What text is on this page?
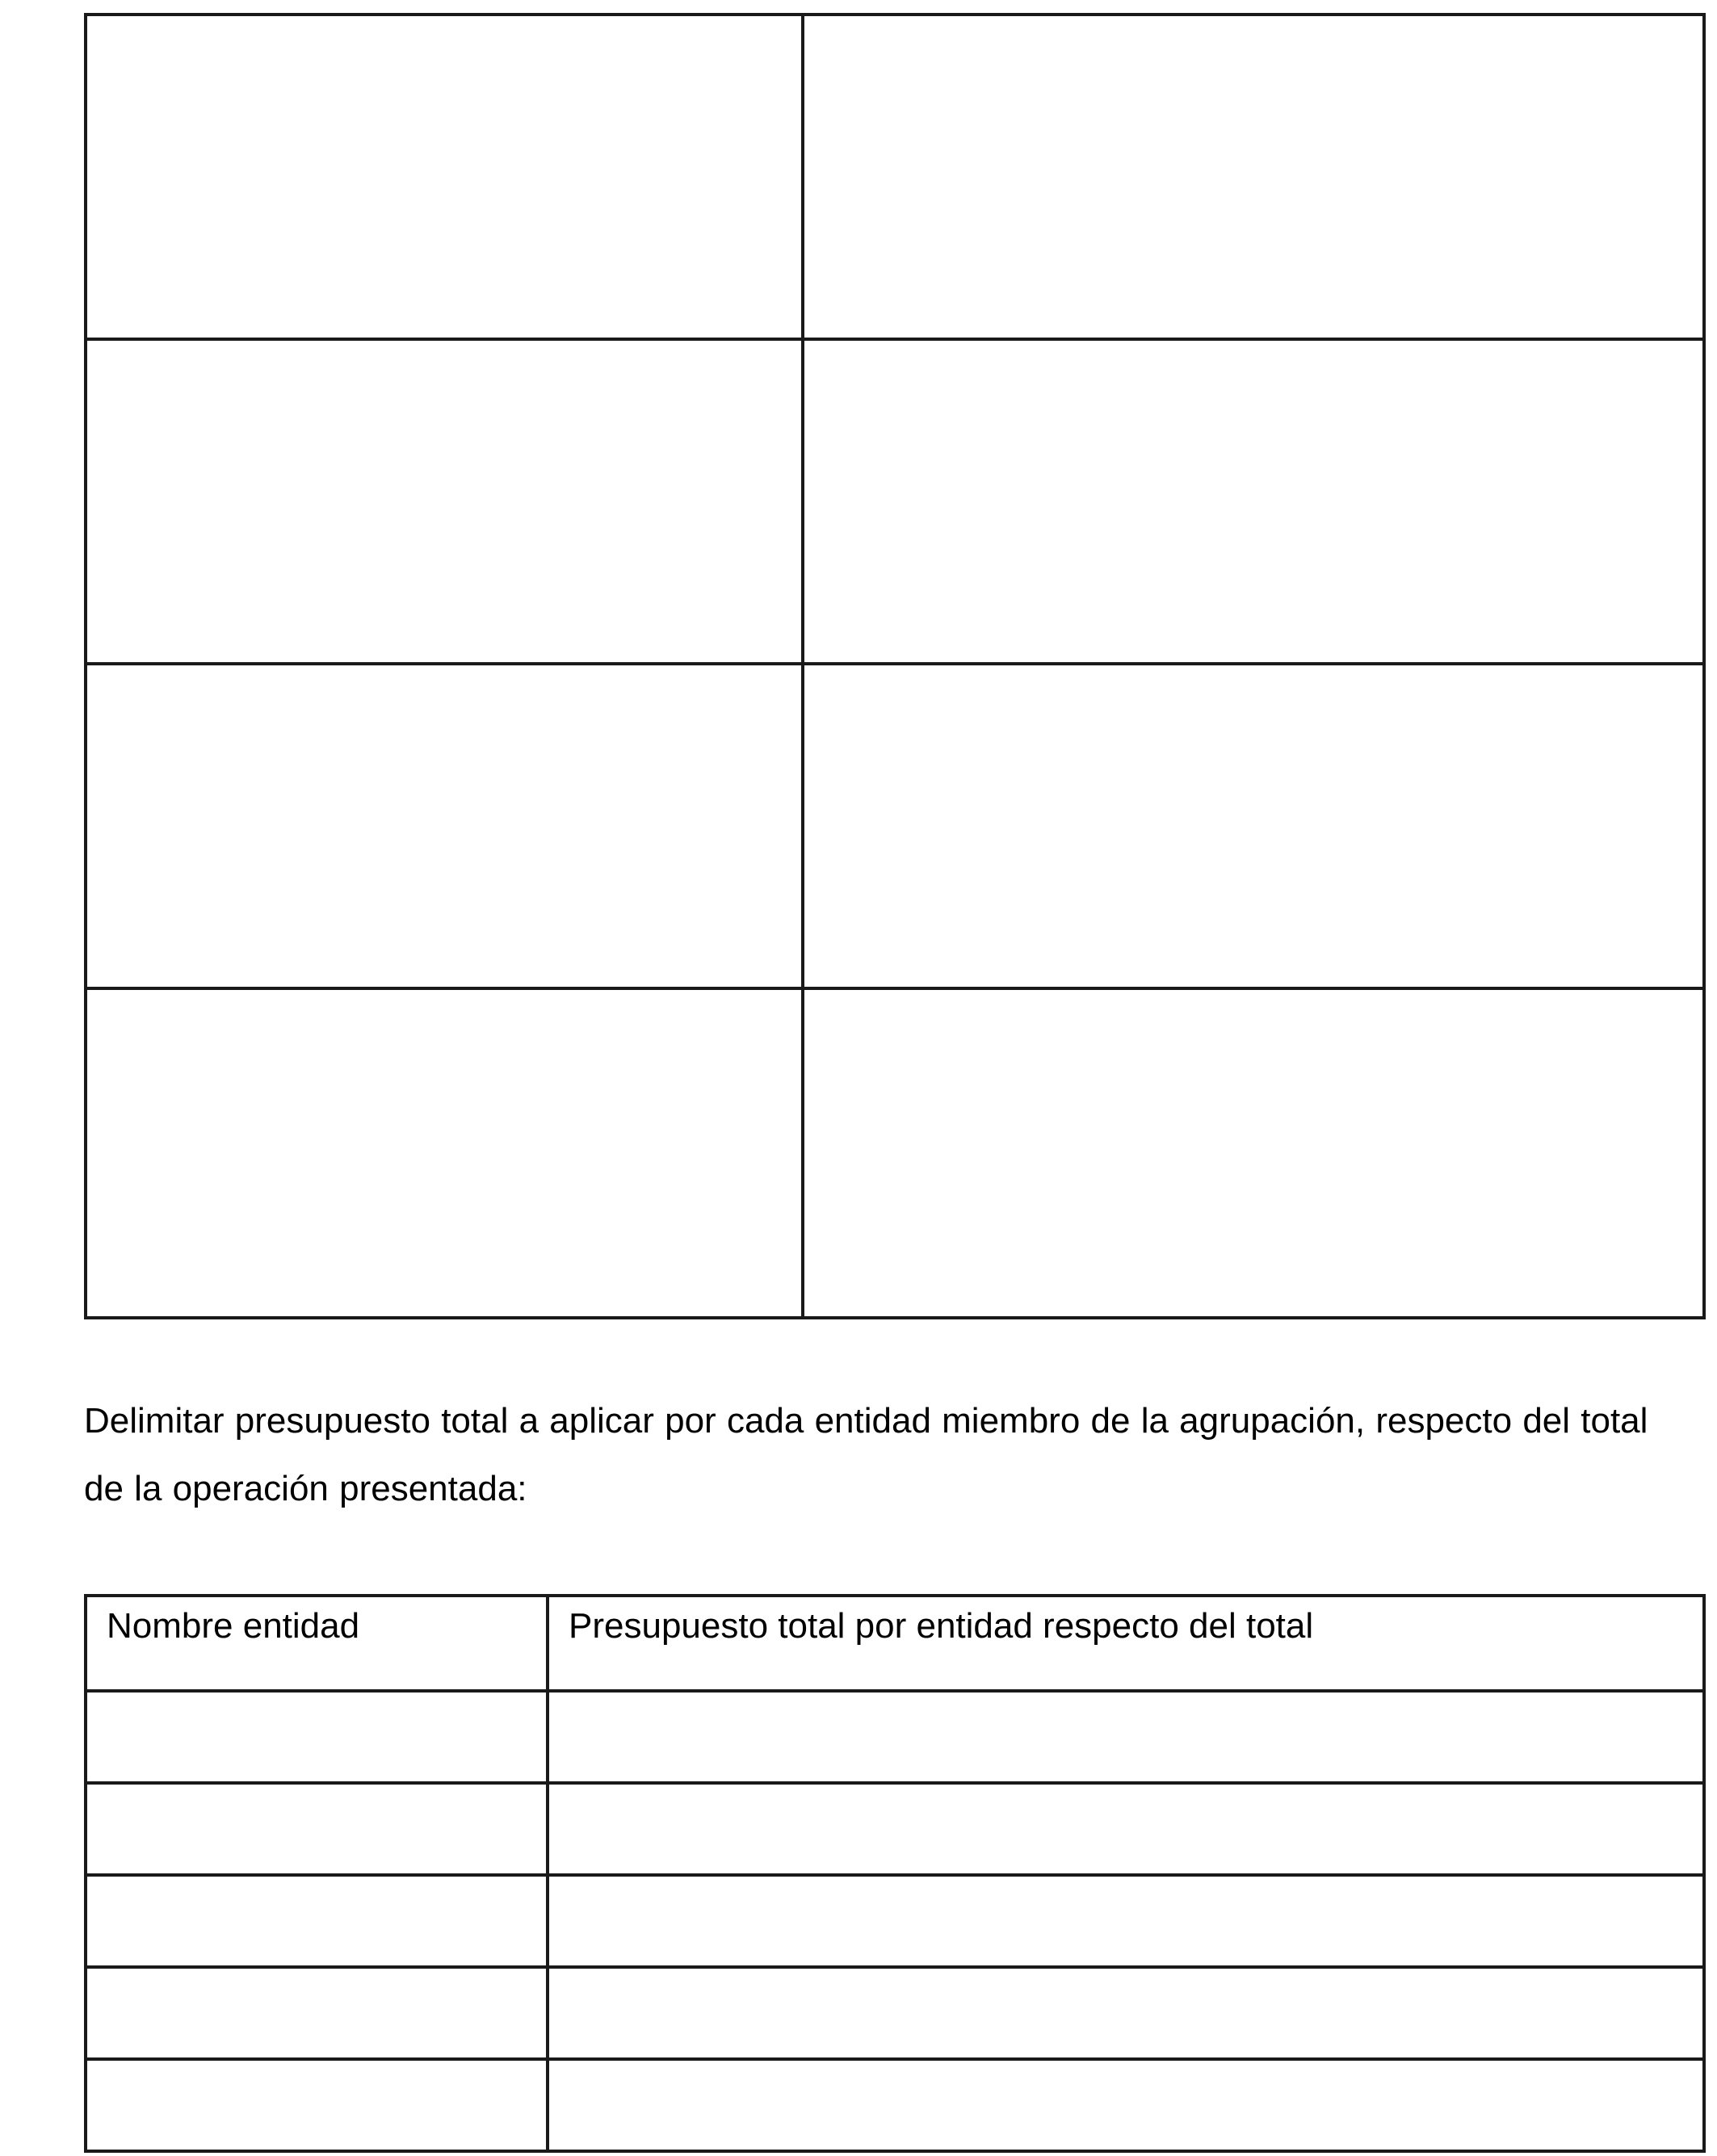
Delimitar presupuesto total a aplicar por cada entidad miembro de la agrupación, respecto del total de la operación presentada:

Nombre entidad	Presupuesto total por entidad respecto del total
